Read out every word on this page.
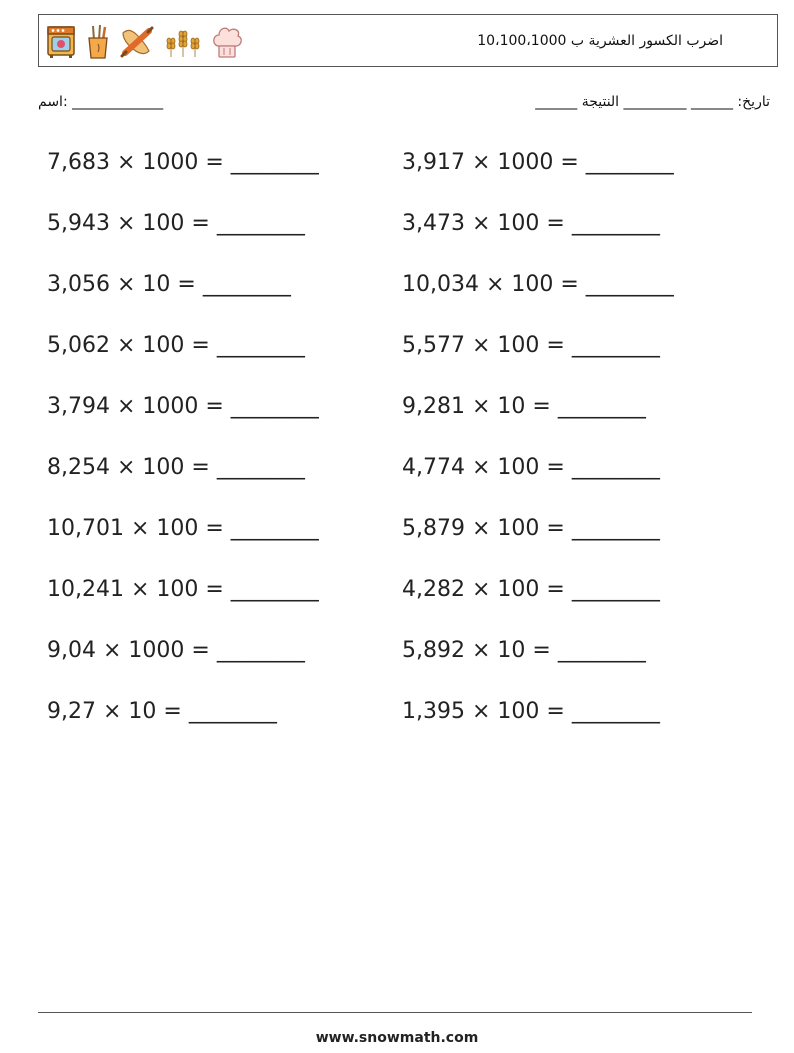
اضرب الكسور العشرية ب 10،100،1000
اسم: _____________	تاريخ: ______ _________ النتيجة ______
7,683 × 1000 = ________	3,917 × 1000 = ________
5,943 × 100 = ________	3,473 × 100 = ________
3,056 × 10 = ________	10,034 × 100 = ________
5,062 × 100 = ________	5,577 × 100 = ________
3,794 × 1000 = ________	9,281 × 10 = ________
8,254 × 100 = ________	4,774 × 100 = ________
10,701 × 100 = ________	5,879 × 100 = ________
10,241 × 100 = ________	4,282 × 100 = ________
9,04 × 1000 = ________	5,892 × 10 = ________
9,27 × 10 = ________	1,395 × 100 = ________
www.snowmath.com
